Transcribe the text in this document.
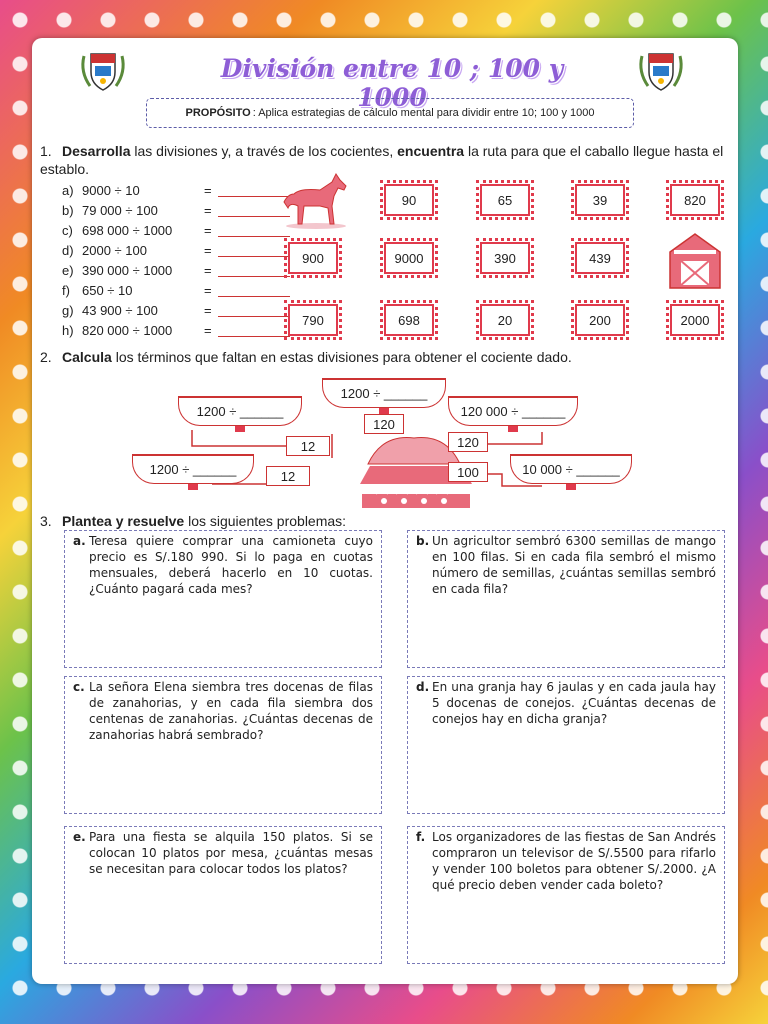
División entre 10 ; 100 y 1000
PROPÓSITO : Aplica estrategias de cálculo mental para dividir entre 10; 100 y 1000
1. Desarrolla las divisiones y, a través de los cocientes, encuentra la ruta para que el caballo llegue hasta el establo.
a) 9000 ÷ 10	=
b) 79 000 ÷ 100	=
c) 698 000 ÷ 1000	=
d) 2000 ÷ 100	=
e) 390 000 ÷ 1000	=
f) 650 ÷ 10	=
g) 43 900 ÷ 100	=
h) 820 000 ÷ 1000	=
90	65	39	820
900	9000	390	439
790	698	20	200	2000
2. Calcula los términos que faltan en estas divisiones para obtener el cociente dado.
1200 ÷ ______
1200 ÷ ______
120 000 ÷ ______
1200 ÷ ______	10 000 ÷ ______
120
12	120
12	100
3. Plantea y resuelve los siguientes problemas:
a. Teresa quiere comprar una camioneta cuyo precio es S/.180 990. Si lo paga en cuotas mensuales, deberá hacerlo en 10 cuotas. ¿Cuánto pagará cada mes?
b. Un agricultor sembró 6300 semillas de mango en 100 filas. Si en cada fila sembró el mismo número de semillas, ¿cuántas semillas sembró en cada fila?
c. La señora Elena siembra tres docenas de filas de zanahorias, y en cada fila siembra dos centenas de zanahorias. ¿Cuántas decenas de zanahorias habrá sembrado?
d. En una granja hay 6 jaulas y en cada jaula hay 5 docenas de conejos. ¿Cuántas decenas de conejos hay en dicha granja?
e. Para una fiesta se alquila 150 platos. Si se colocan 10 platos por mesa, ¿cuántas mesas se necesitan para colocar todos los platos?
f. Los organizadores de las fiestas de San Andrés compraron un televisor de S/.5500 para rifarlo y vender 100 boletos para obtener S/.2000. ¿A qué precio deben vender cada boleto?
